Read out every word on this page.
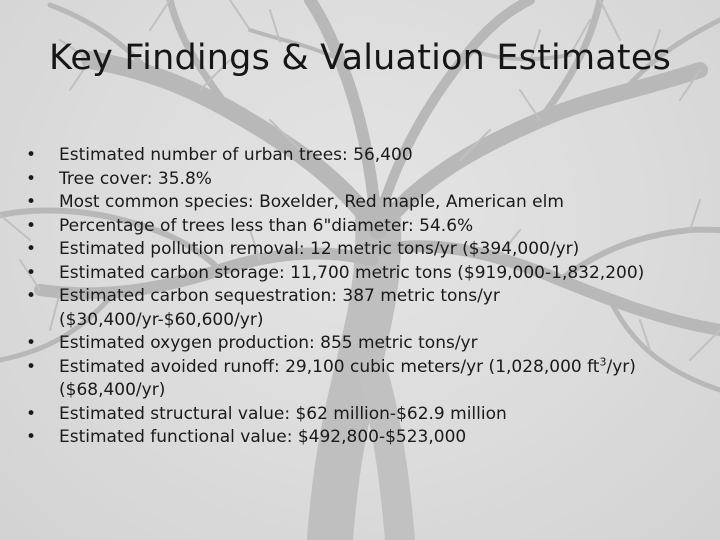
Key Findings & Valuation Estimates
• Estimated number of urban trees: 56,400
• Tree cover: 35.8%
• Most common species: Boxelder, Red maple, American elm
• Percentage of trees less than 6"diameter: 54.6%
• Estimated pollution removal: 12 metric tons/yr ($394,000/yr)
• Estimated carbon storage: 11,700 metric tons ($919,000-1,832,200)
• Estimated carbon sequestration: 387 metric tons/yr ($30,400/yr-$60,600/yr)
• Estimated oxygen production: 855 metric tons/yr
• Estimated avoided runoff: 29,100 cubic meters/yr (1,028,000 $ft^3/yr$) ($68,400/yr)
• Estimated structural value: $62 million-$62.9 million
• Estimated functional value: $492,800-$523,000
